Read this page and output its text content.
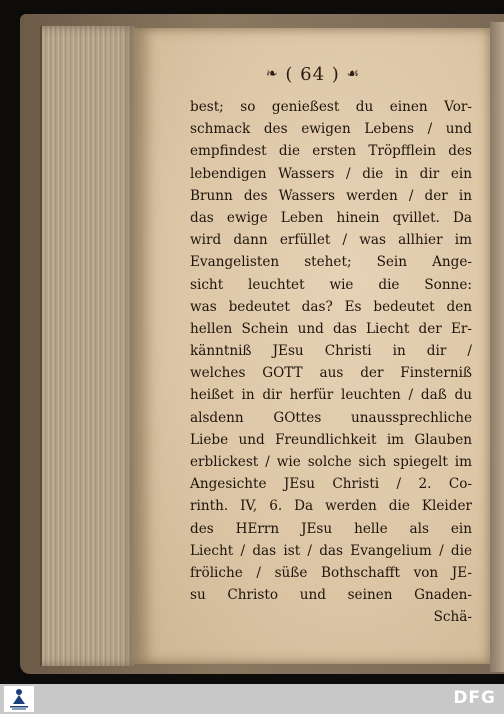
❧ ( 64 ) ☙
best; so genießest du einen Vor-
schmack des ewigen Lebens / und
empfindest die ersten Tröpfflein des
lebendigen Wassers / die in dir ein
Brunn des Wassers werden / der in
das ewige Leben hinein qvillet. Da
wird dann erfüllet / was allhier im
Evangelisten stehet; Sein Ange-
sicht leuchtet wie die Sonne:
was bedeutet das? Es bedeutet den
hellen Schein und das Liecht der Er-
känntniß JEsu Christi in dir /
welches GOTT aus der Finsterniß
heißet in dir herfür leuchten / daß du
alsdenn GOttes unaussprechliche
Liebe und Freundlichkeit im Glauben
erblickest / wie solche sich spiegelt im
Angesichte JEsu Christi / 2. Co-
rinth. IV, 6. Da werden die Kleider
des HErrn JEsu helle als ein
Liecht / das ist / das Evangelium / die
fröliche / süße Bothschafft von JE-
su Christo und seinen Gnaden-
Schä-
DFG
